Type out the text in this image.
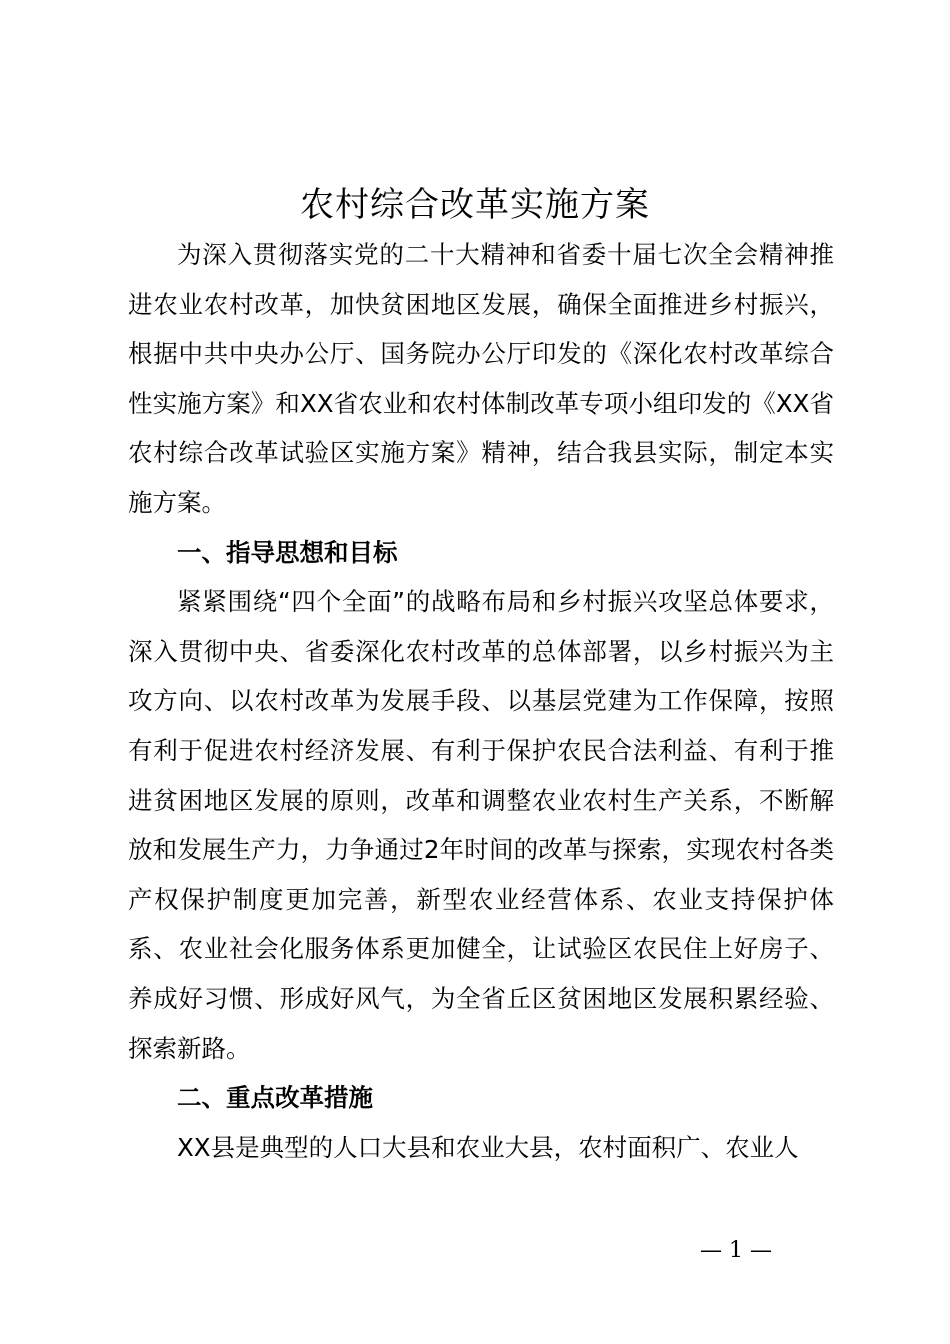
农村综合改革实施方案

为深入贯彻落实党的二十大精神和省委十届七次全会精神推进农业农村改革，加快贫困地区发展，确保全面推进乡村振兴，根据中共中央办公厅、国务院办公厅印发的《深化农村改革综合性实施方案》和XX省农业和农村体制改革专项小组印发的《XX省农村综合改革试验区实施方案》精神，结合我县实际，制定本实施方案。

一、指导思想和目标

紧紧围绕“四个全面”的战略布局和乡村振兴攻坚总体要求，深入贯彻中央、省委深化农村改革的总体部署，以乡村振兴为主攻方向、以农村改革为发展手段、以基层党建为工作保障，按照有利于促进农村经济发展、有利于保护农民合法利益、有利于推进贫困地区发展的原则，改革和调整农业农村生产关系，不断解放和发展生产力，力争通过2年时间的改革与探索，实现农村各类产权保护制度更加完善，新型农业经营体系、农业支持保护体系、农业社会化服务体系更加健全，让试验区农民住上好房子、养成好习惯、形成好风气，为全省丘区贫困地区发展积累经验、探索新路。

二、重点改革措施

XX县是典型的人口大县和农业大县，农村面积广、农业人

— 1 —
